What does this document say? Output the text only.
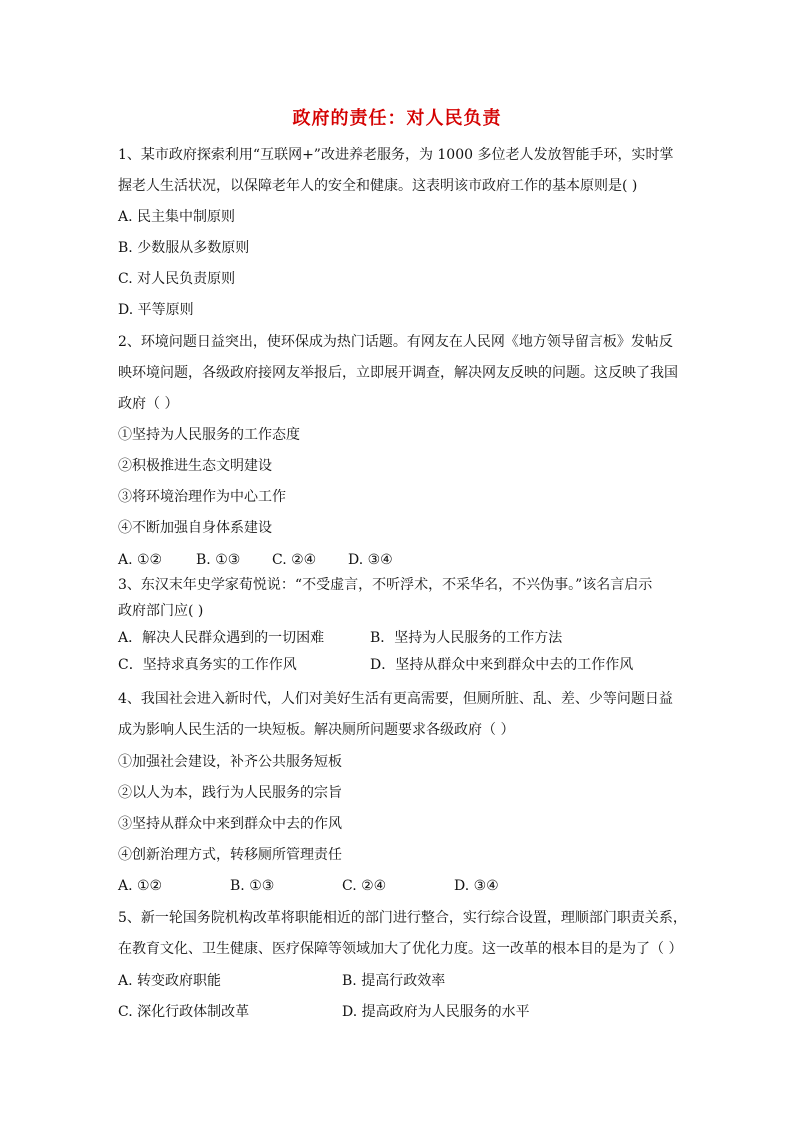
政府的责任：对人民负责
1、某市政府探索利用“互联网+”改进养老服务，为 1000 多位老人发放智能手环，实时掌
握老人生活状况，以保障老年人的安全和健康。这表明该市政府工作的基本原则是( )
A. 民主集中制原则
B. 少数服从多数原则
C. 对人民负责原则
D. 平等原则
2、环境问题日益突出，使环保成为热门话题。有网友在人民网《地方领导留言板》发帖反
映环境问题，各级政府接网友举报后，立即展开调查，解决网友反映的问题。这反映了我国
政府（ ）
①坚持为人民服务的工作态度
②积极推进生态文明建设
③将环境治理作为中心工作
④不断加强自身体系建设
A. ①② B. ①③ C. ②④ D. ③④
3、东汉末年史学家荀悦说：“不受虚言，不听浮术，不采华名，不兴伪事。”该名言启示
政府部门应( )
A．解决人民群众遇到的一切困难	B．坚持为人民服务的工作方法
C．坚持求真务实的工作作风	D．坚持从群众中来到群众中去的工作作风
4、我国社会进入新时代，人们对美好生活有更高需要，但厕所脏、乱、差、少等问题日益
成为影响人民生活的一块短板。解决厕所问题要求各级政府（ ）
①加强社会建设，补齐公共服务短板
②以人为本，践行为人民服务的宗旨
③坚持从群众中来到群众中去的作风
④创新治理方式，转移厕所管理责任
A. ①②	B. ①③	C. ②④	D. ③④
5、新一轮国务院机构改革将职能相近的部门进行整合，实行综合设置，理顺部门职责关系，
在教育文化、卫生健康、医疗保障等领域加大了优化力度。这一改革的根本目的是为了（ ）
A. 转变政府职能	B. 提高行政效率
C. 深化行政体制改革	D. 提高政府为人民服务的水平
